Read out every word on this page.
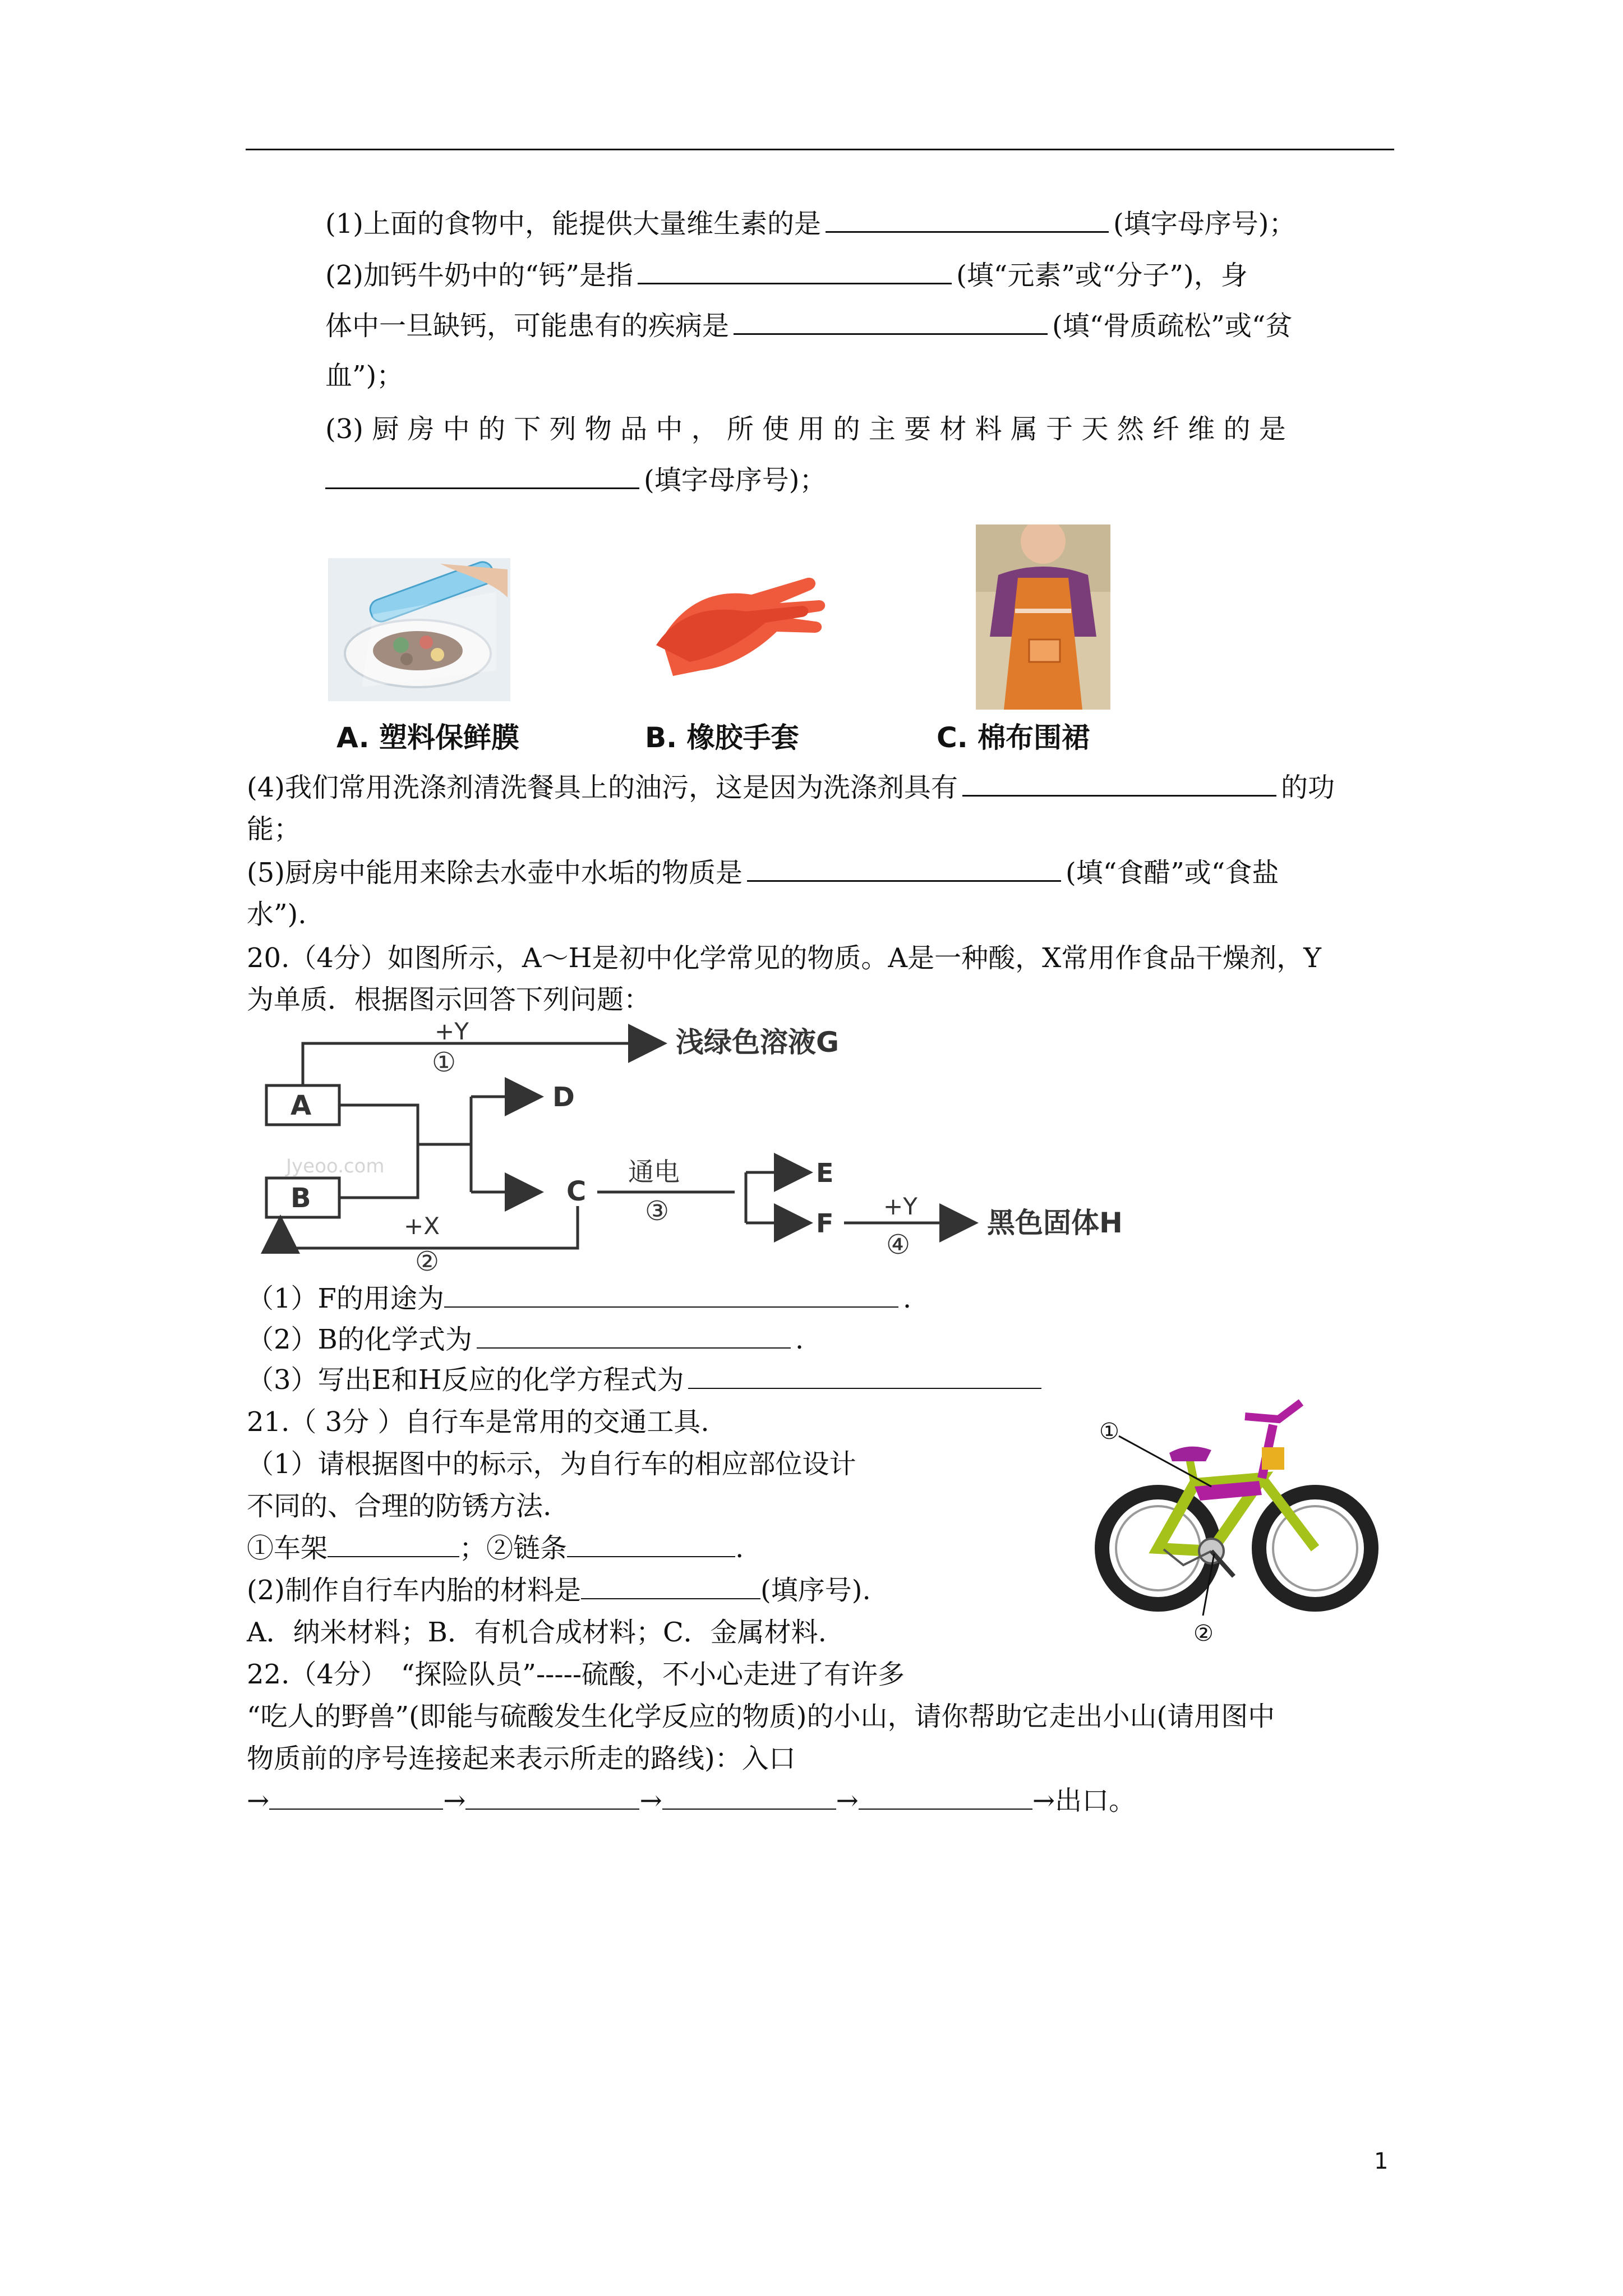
(1)上面的食物中，能提供大量维生素的是	(填字母序号)；
(2)加钙牛奶中的“钙”是指	(填“元素”或“分子”)，身
体中一旦缺钙，可能患有的疾病是	(填“骨质疏松”或“贫
血”)；
(3) 厨 房 中 的 下 列 物 品 中 ， 所 使 用 的 主 要 材 料 属 于 天 然 纤 维 的 是
(填字母序号)；
A. 塑料保鲜膜	B. 橡胶手套	C. 棉布围裙
(4)我们常用洗涤剂清洗餐具上的油污，这是因为洗涤剂具有	的功
能；
(5)厨房中能用来除去水壶中水垢的物质是	(填“食醋”或“食盐
水”).
20.（4分）如图所示，A～H是初中化学常见的物质。A是一种酸，X常用作食品干燥剂，Y
为单质．根据图示回答下列问题：
Jyeoo.com
+Y
①
浅绿色溶液G
A
B
D
C
+X
②
通电
③
E
F
+Y
④
黑色固体H
（1）F的用途为	.
（2）B的化学式为	.
（3）写出E和H反应的化学方程式为
21.（ 3分 ）自行车是常用的交通工具.
（1）请根据图中的标示，为自行车的相应部位设计
不同的、合理的防锈方法.
①车架	；②链条	.
(2)制作自行车内胎的材料是	(填序号).
A．纳米材料；B．有机合成材料；C．金属材料.
①
②
22.（4分）　“探险队员”-----硫酸，不小心走进了有许多
“吃人的野兽”(即能与硫酸发生化学反应的物质)的小山，请你帮助它走出小山(请用图中
物质前的序号连接起来表示所走的路线)：入口
→	→	→	→	→出口。
1
